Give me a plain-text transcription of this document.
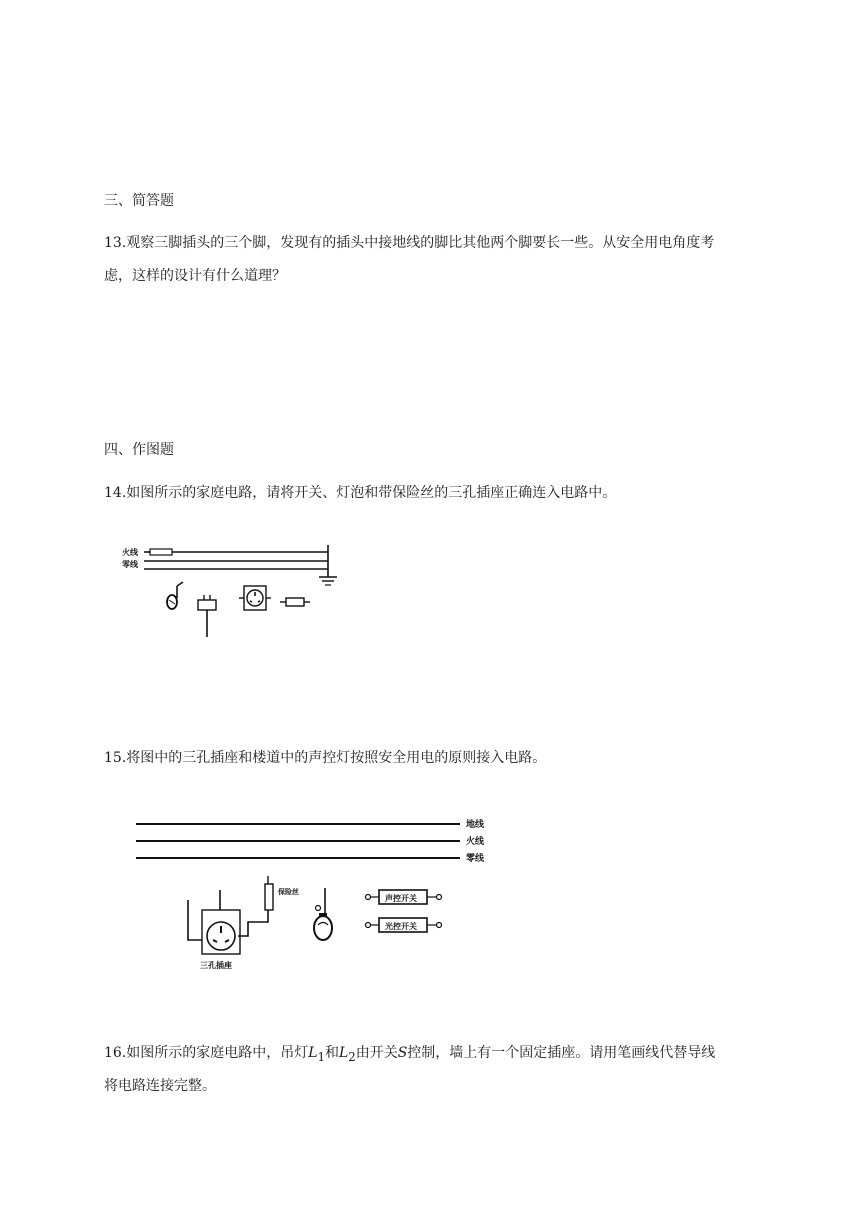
三、简答题

13.观察三脚插头的三个脚，发现有的插头中接地线的脚比其他两个脚要长一些。从安全用电角度考

虑，这样的设计有什么道理？

四、作图题

14.如图所示的家庭电路，请将开关、灯泡和带保险丝的三孔插座正确连入电路中。

火线
零线

15.将图中的三孔插座和楼道中的声控灯按照安全用电的原则接入电路。

地线
火线
零线
保险丝
三孔插座
声控开关
光控开关

16.如图所示的家庭电路中，吊灯$L_1$和$L_2$由开关S控制，墙上有一个固定插座。请用笔画线代替导线

将电路连接完整。
